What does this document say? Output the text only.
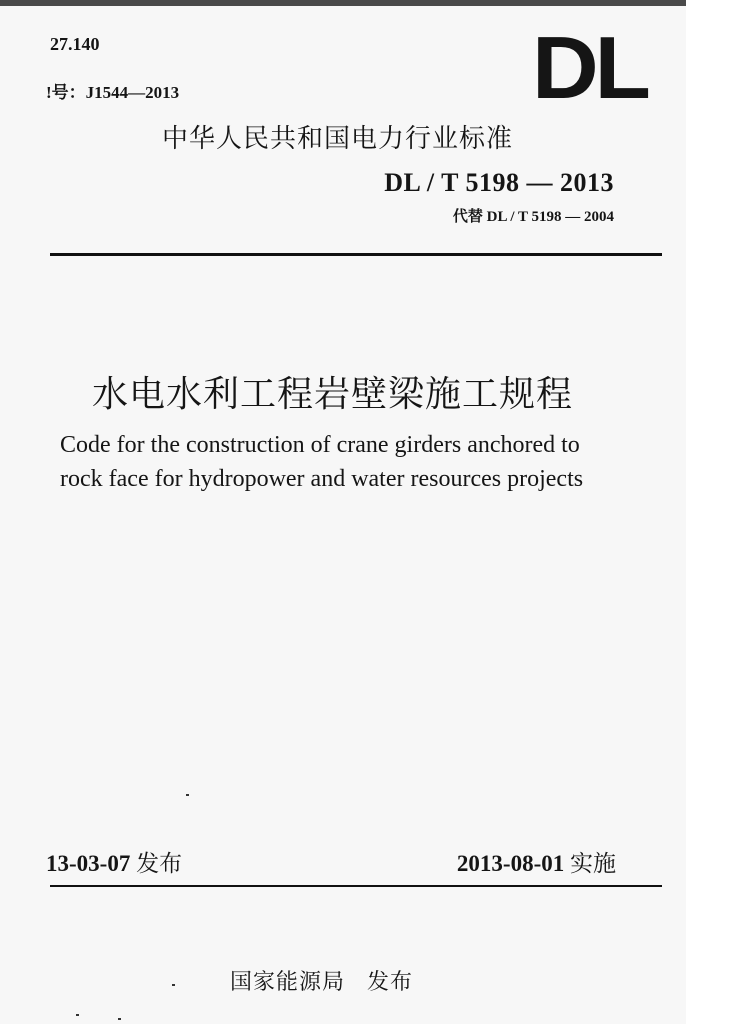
27.140
!号：J1544—2013	DL
中华人民共和国电力行业标准
DL / T 5198 — 2013
代替 DL / T 5198 — 2004
水电水利工程岩壁梁施工规程
Code for the construction of crane girders anchored to
rock face for hydropower and water resources projects
13-03-07 发布	2013-08-01 实施
国家能源局 发布
